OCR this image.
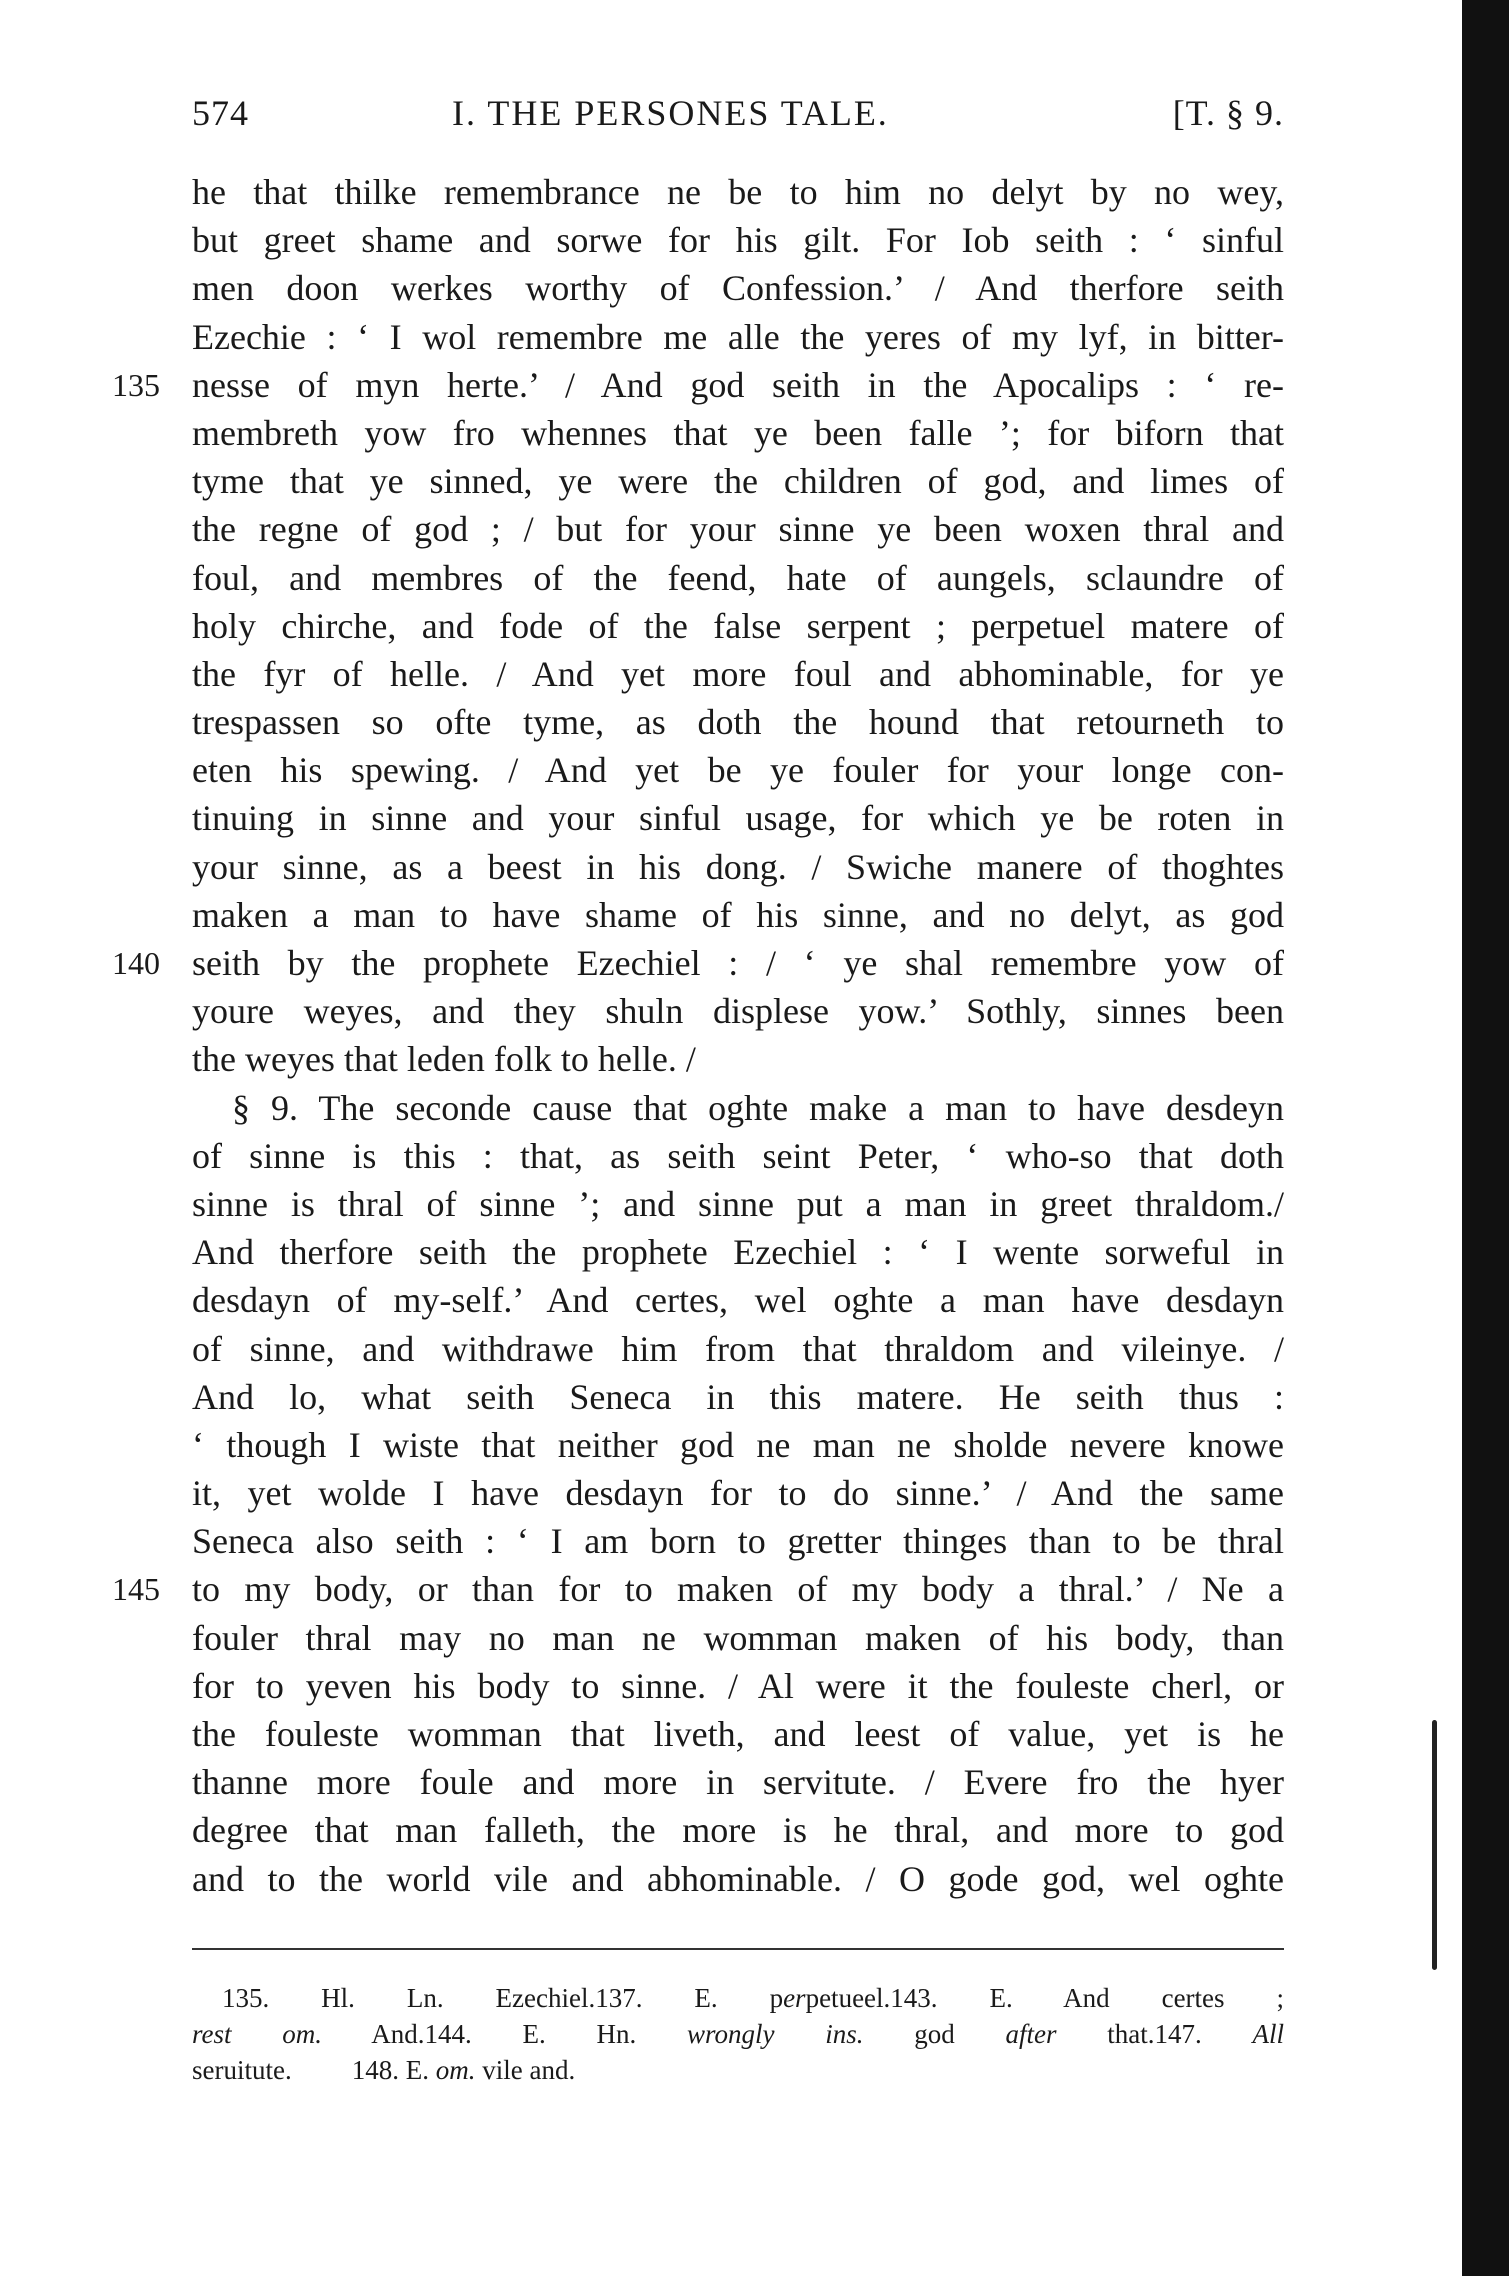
574	I. THE PERSONES TALE.	[T. § 9.
he that thilke remembrance ne be to him no delyt by no wey,
but greet shame and sorwe for his gilt. For Iob seith : ‘ sinful
men doon werkes worthy of Confession.’ / And therfore seith
Ezechie : ‘ I wol remembre me alle the yeres of my lyf, in bitter-
135 nesse of myn herte.’ / And god seith in the Apocalips : ‘ re-
membreth yow fro whennes that ye been falle ’; for biforn that
tyme that ye sinned, ye were the children of god, and limes of
the regne of god ; / but for your sinne ye been woxen thral and
foul, and membres of the feend, hate of aungels, sclaundre of
holy chirche, and fode of the false serpent ; perpetuel matere of
the fyr of helle. / And yet more foul and abhominable, for ye
trespassen so ofte tyme, as doth the hound that retourneth to
eten his spewing. / And yet be ye fouler for your longe con-
tinuing in sinne and your sinful usage, for which ye be roten in
your sinne, as a beest in his dong. / Swiche manere of thoghtes
maken a man to have shame of his sinne, and no delyt, as god
140 seith by the prophete Ezechiel : / ‘ ye shal remembre yow of
youre weyes, and they shuln displese yow.’ Sothly, sinnes been
the weyes that leden folk to helle. /
§ 9. The seconde cause that oghte make a man to have desdeyn
of sinne is this : that, as seith seint Peter, ‘ who-so that doth
sinne is thral of sinne ’; and sinne put a man in greet thraldom./
And therfore seith the prophete Ezechiel : ‘ I wente sorweful in
desdayn of my-self.’ And certes, wel oghte a man have desdayn
of sinne, and withdrawe him from that thraldom and vileinye. /
And lo, what seith Seneca in this matere. He seith thus :
‘ though I wiste that neither god ne man ne sholde nevere knowe
it, yet wolde I have desdayn for to do sinne.’ / And the same
Seneca also seith : ‘ I am born to gretter thinges than to be thral
145 to my body, or than for to maken of my body a thral.’ / Ne a
fouler thral may no man ne womman maken of his body, than
for to yeven his body to sinne. / Al were it the fouleste cherl, or
the fouleste womman that liveth, and leest of value, yet is he
thanne more foule and more in servitute. / Evere fro the hyer
degree that man falleth, the more is he thral, and more to god
and to the world vile and abhominable. / O gode god, wel oghte
135. Hl. Ln. Ezechiel.137. E. perpetueel.143. E. And certes ;
rest om. And.144. E. Hn. wrongly ins. god after that.147. All
seruitute. 148. E. om. vile and.
